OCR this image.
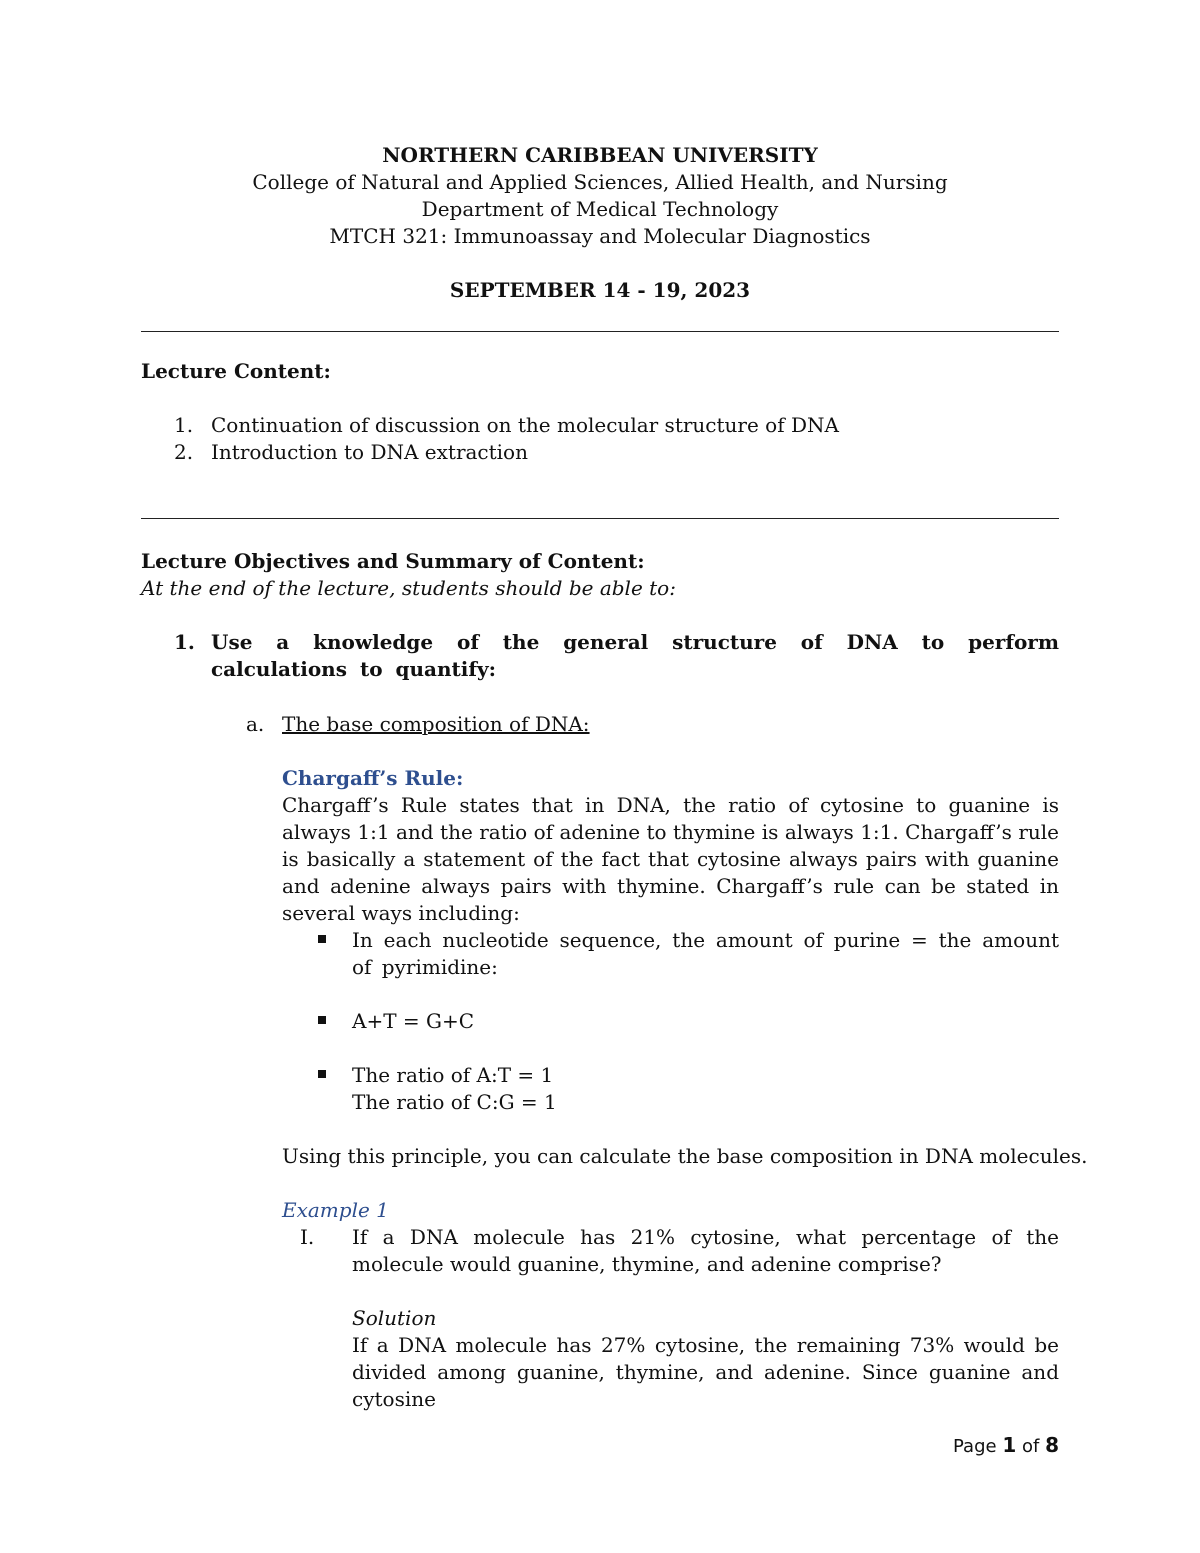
NORTHERN CARIBBEAN UNIVERSITY
College of Natural and Applied Sciences, Allied Health, and Nursing
Department of Medical Technology
MTCH 321: Immunoassay and Molecular Diagnostics
SEPTEMBER 14 - 19, 2023
Lecture Content:
1. Continuation of discussion on the molecular structure of DNA
2. Introduction to DNA extraction
Lecture Objectives and Summary of Content:
At the end of the lecture, students should be able to:
1. Use a knowledge of the general structure of DNA to perform calculations to quantify:
a. The base composition of DNA:
Chargaff’s Rule:
Chargaff’s Rule states that in DNA, the ratio of cytosine to guanine is always 1:1 and the ratio of adenine to thymine is always 1:1. Chargaff’s rule is basically a statement of the fact that cytosine always pairs with guanine and adenine always pairs with thymine. Chargaff’s rule can be stated in several ways including:
In each nucleotide sequence, the amount of purine = the amount of pyrimidine:
A+T = G+C
The ratio of A:T = 1
The ratio of C:G = 1
Using this principle, you can calculate the base composition in DNA molecules.
Example 1
I. If a DNA molecule has 21% cytosine, what percentage of the molecule would guanine, thymine, and adenine comprise?
Solution
If a DNA molecule has 27% cytosine, the remaining 73% would be divided among guanine, thymine, and adenine. Since guanine and cytosine
Page 1 of 8
